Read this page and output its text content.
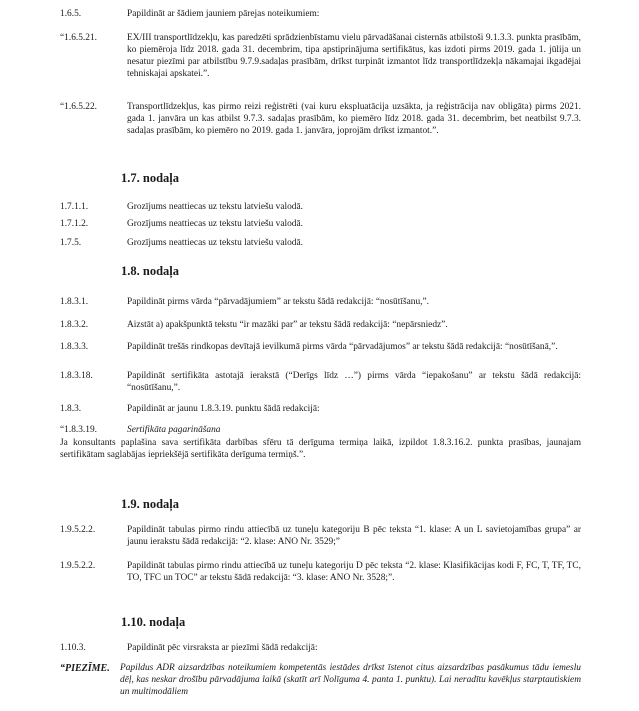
1.6.5.	Papildināt ar šādiem jauniem pārejas noteikumiem:
“1.6.5.21.	EX/III transportlīdzekļu, kas paredzēti sprādzienbīstamu vielu pārvadāšanai cisternās atbilstoši 9.1.3.3. punkta prasībām, ko piemēroja līdz 2018. gada 31. decembrim, tipa apstiprinājuma sertifikātus, kas izdoti pirms 2019. gada 1. jūlija un nesatur piezīmi par atbilstību 9.7.9.sadaļas prasībām, drīkst turpināt izmantot līdz transportlīdzekļa nākamajai ikgadējai tehniskajai apskatei.”.
“1.6.5.22.	Transportlīdzekļus, kas pirmo reizi reģistrēti (vai kuru ekspluatācija uzsākta, ja reģistrācija nav obligāta) pirms 2021. gada 1. janvāra un kas atbilst 9.7.3. sadaļas prasībām, ko piemēro līdz 2018. gada 31. decembrim, bet neatbilst 9.7.3. sadaļas prasībām, ko piemēro no 2019. gada 1. janvāra, joprojām drīkst izmantot.”.
1.7. nodaļa
1.7.1.1.	Grozījums neattiecas uz tekstu latviešu valodā.
1.7.1.2.	Grozījums neattiecas uz tekstu latviešu valodā.
1.7.5.	Grozījums neattiecas uz tekstu latviešu valodā.
1.8. nodaļa
1.8.3.1.	Papildināt pirms vārda “pārvadājumiem” ar tekstu šādā redakcijā: “nosūtīšanu,”.
1.8.3.2.	Aizstāt a) apakšpunktā tekstu “ir mazāki par” ar tekstu šādā redakcijā: “nepārsniedz”.
1.8.3.3.	Papildināt trešās rindkopas devītajā ievilkumā pirms vārda “pārvadājumos” ar tekstu šādā redakcijā: “nosūtīšanā,”.
1.8.3.18.	Papildināt sertifikāta astotajā ierakstā (“Derīgs līdz …”) pirms vārda “iepakošanu” ar tekstu šādā redakcijā: “nosūtīšanu,”.
1.8.3.	Papildināt ar jaunu 1.8.3.19. punktu šādā redakcijā:
“1.8.3.19.	Sertifikāta pagarināšana
Ja konsultants paplašina sava sertifikāta darbības sfēru tā derīguma termiņa laikā, izpildot 1.8.3.16.2. punkta prasības, jaunajam sertifikātam saglabājas iepriekšējā sertifikāta derīguma termiņš.”.
1.9. nodaļa
1.9.5.2.2.	Papildināt tabulas pirmo rindu attiecībā uz tuneļu kategoriju B pēc teksta “1. klase: A un L savietojamības grupa” ar jaunu ierakstu šādā redakcijā: “2. klase: ANO Nr. 3529;”
1.9.5.2.2.	Papildināt tabulas pirmo rindu attiecībā uz tuneļu kategoriju D pēc teksta “2. klase: Klasifikācijas kodi F, FC, T, TF, TC, TO, TFC un TOC” ar tekstu šādā redakcijā: “3. klase: ANO Nr. 3528;”.
1.10. nodaļa
1.10.3.	Papildināt pēc virsraksta ar piezīmi šādā redakcijā:
“PIEZĪME. Papildus ADR aizsardzības noteikumiem kompetentās iestādes drīkst īstenot citus aizsardzības pasākumus tādu iemeslu dēļ, kas neskar drošību pārvadājuma laikā (skatīt arī Nolīguma 4. panta 1. punktu). Lai neradītu kavēkļus starptautiskiem un multimodāliem
